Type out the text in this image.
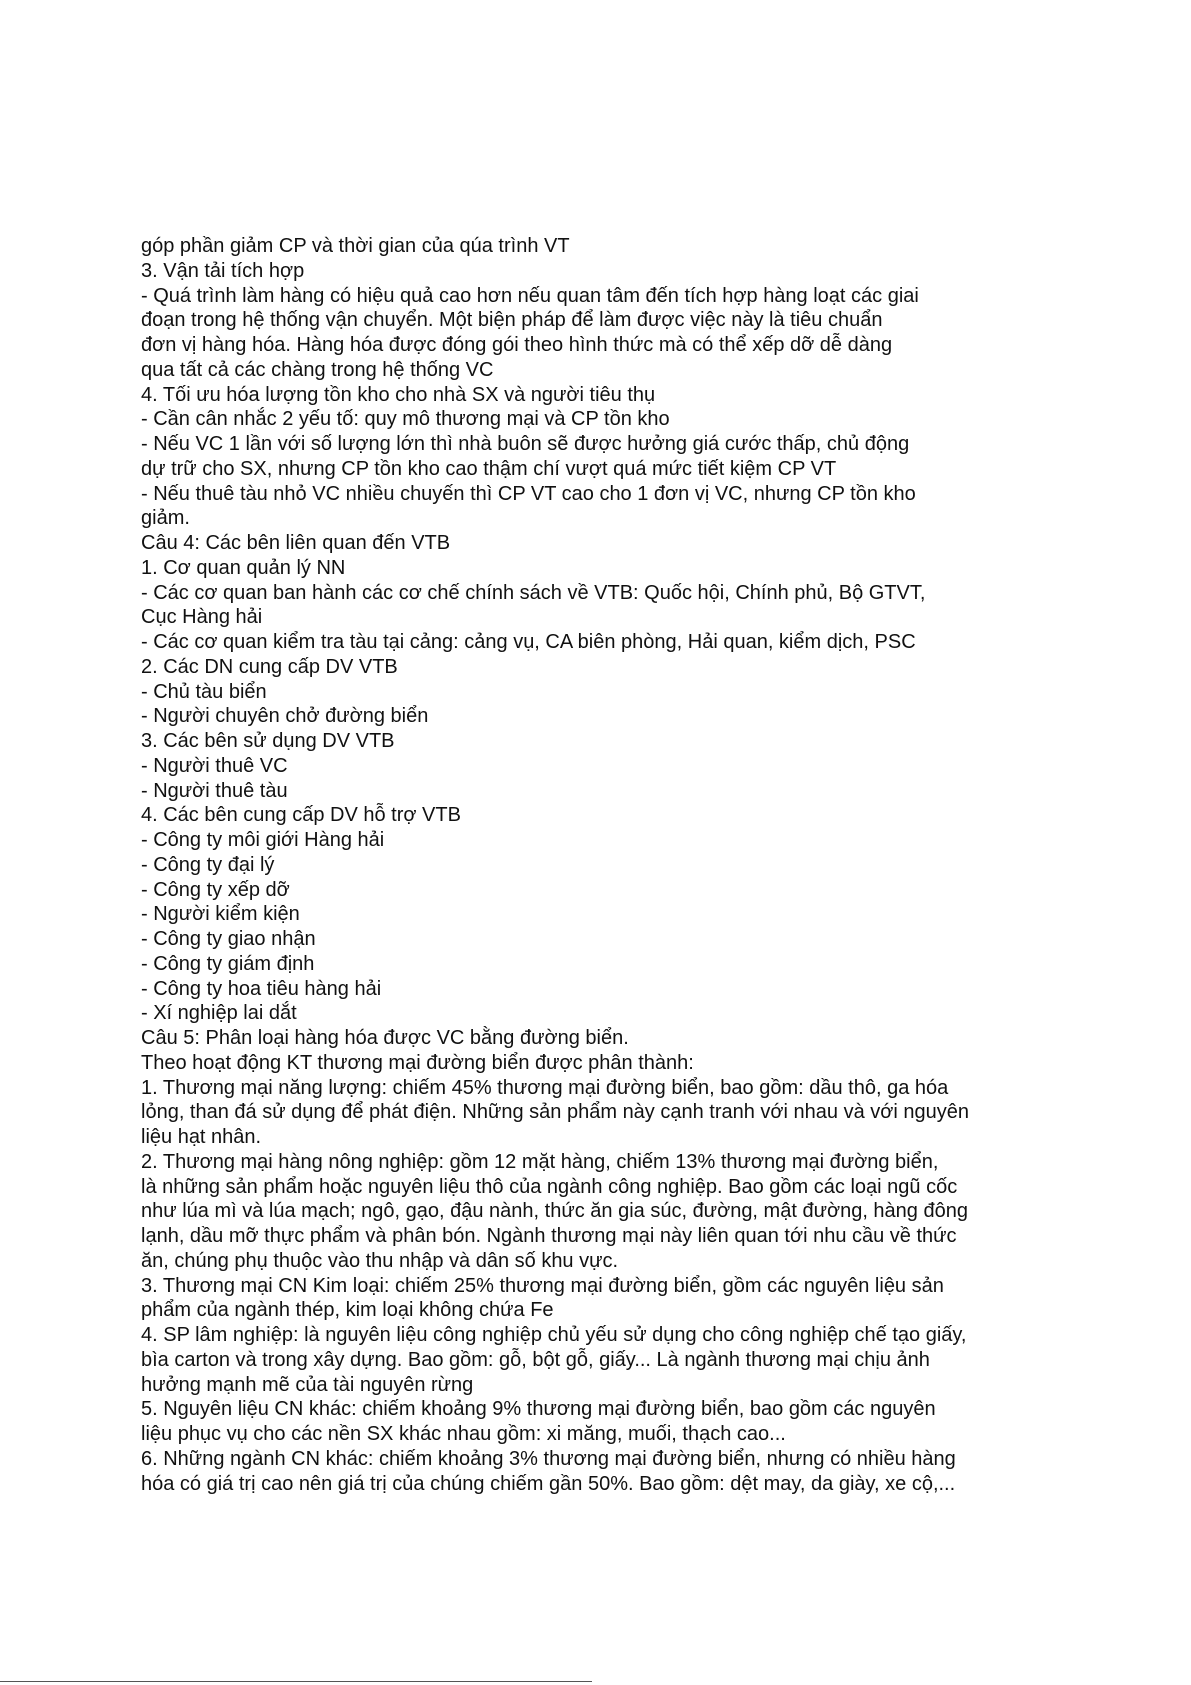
góp phần giảm CP và thời gian của qúa trình VT
3. Vận tải tích hợp
- Quá trình làm hàng có hiệu quả cao hơn nếu quan tâm đến tích hợp hàng loạt các giai
đoạn trong hệ thống vận chuyển. Một biện pháp để làm được việc này là tiêu chuẩn
đơn vị hàng hóa. Hàng hóa được đóng gói theo hình thức mà có thể xếp dỡ dễ dàng
qua tất cả các chàng trong hệ thống VC
4. Tối ưu hóa lượng tồn kho cho nhà SX và người tiêu thụ
- Cần cân nhắc 2 yếu tố: quy mô thương mại và CP tồn kho
- Nếu VC 1 lần với số lượng lớn thì nhà buôn sẽ được hưởng giá cước thấp, chủ động
dự trữ cho SX, nhưng CP tồn kho cao thậm chí vượt quá mức tiết kiệm CP VT
- Nếu thuê tàu nhỏ VC nhiều chuyến thì CP VT cao cho 1 đơn vị VC, nhưng CP tồn kho
giảm.
Câu 4: Các bên liên quan đến VTB
1. Cơ quan quản lý NN
- Các cơ quan ban hành các cơ chế chính sách về VTB: Quốc hội, Chính phủ, Bộ GTVT,
Cục Hàng hải
- Các cơ quan kiểm tra tàu tại cảng: cảng vụ, CA biên phòng, Hải quan, kiểm dịch, PSC
2. Các DN cung cấp DV VTB
- Chủ tàu biển
- Người chuyên chở đường biển
3. Các bên sử dụng DV VTB
- Người thuê VC
- Người thuê tàu
4. Các bên cung cấp DV hỗ trợ VTB
- Công ty môi giới Hàng hải
- Công ty đại lý
- Công ty xếp dỡ
- Người kiểm kiện
- Công ty giao nhận
- Công ty giám định
- Công ty hoa tiêu hàng hải
- Xí nghiệp lai dắt
Câu 5: Phân loại hàng hóa được VC bằng đường biển.
Theo hoạt động KT thương mại đường biển được phân thành:
1. Thương mại năng lượng: chiếm 45% thương mại đường biển, bao gồm: dầu thô, ga hóa
lỏng, than đá sử dụng để phát điện. Những sản phẩm này cạnh tranh với nhau và với nguyên
liệu hạt nhân.
2. Thương mại hàng nông nghiệp: gồm 12 mặt hàng, chiếm 13% thương mại đường biển,
là những sản phẩm hoặc nguyên liệu thô của ngành công nghiệp. Bao gồm các loại ngũ cốc
như lúa mì và lúa mạch; ngô, gạo, đậu nành, thức ăn gia súc, đường, mật đường, hàng đông
lạnh, dầu mỡ thực phẩm và phân bón. Ngành thương mại này liên quan tới nhu cầu về thức
ăn, chúng phụ thuộc vào thu nhập và dân số khu vực.
3. Thương mại CN Kim loại: chiếm 25% thương mại đường biển, gồm các nguyên liệu sản
phẩm của ngành thép, kim loại không chứa Fe
4. SP lâm nghiệp: là nguyên liệu công nghiệp chủ yếu sử dụng cho công nghiệp chế tạo giấy,
bìa carton và trong xây dựng. Bao gồm: gỗ, bột gỗ, giấy... Là ngành thương mại chịu ảnh
hưởng mạnh mẽ của tài nguyên rừng
5. Nguyên liệu CN khác: chiếm khoảng 9% thương mại đường biển, bao gồm các nguyên
liệu phục vụ cho các nền SX khác nhau gồm: xi măng, muối, thạch cao...
6. Những ngành CN khác: chiếm khoảng 3% thương mại đường biển, nhưng có nhiều hàng
hóa có giá trị cao nên giá trị của chúng chiếm gần 50%. Bao gồm: dệt may, da giày, xe cộ,...
